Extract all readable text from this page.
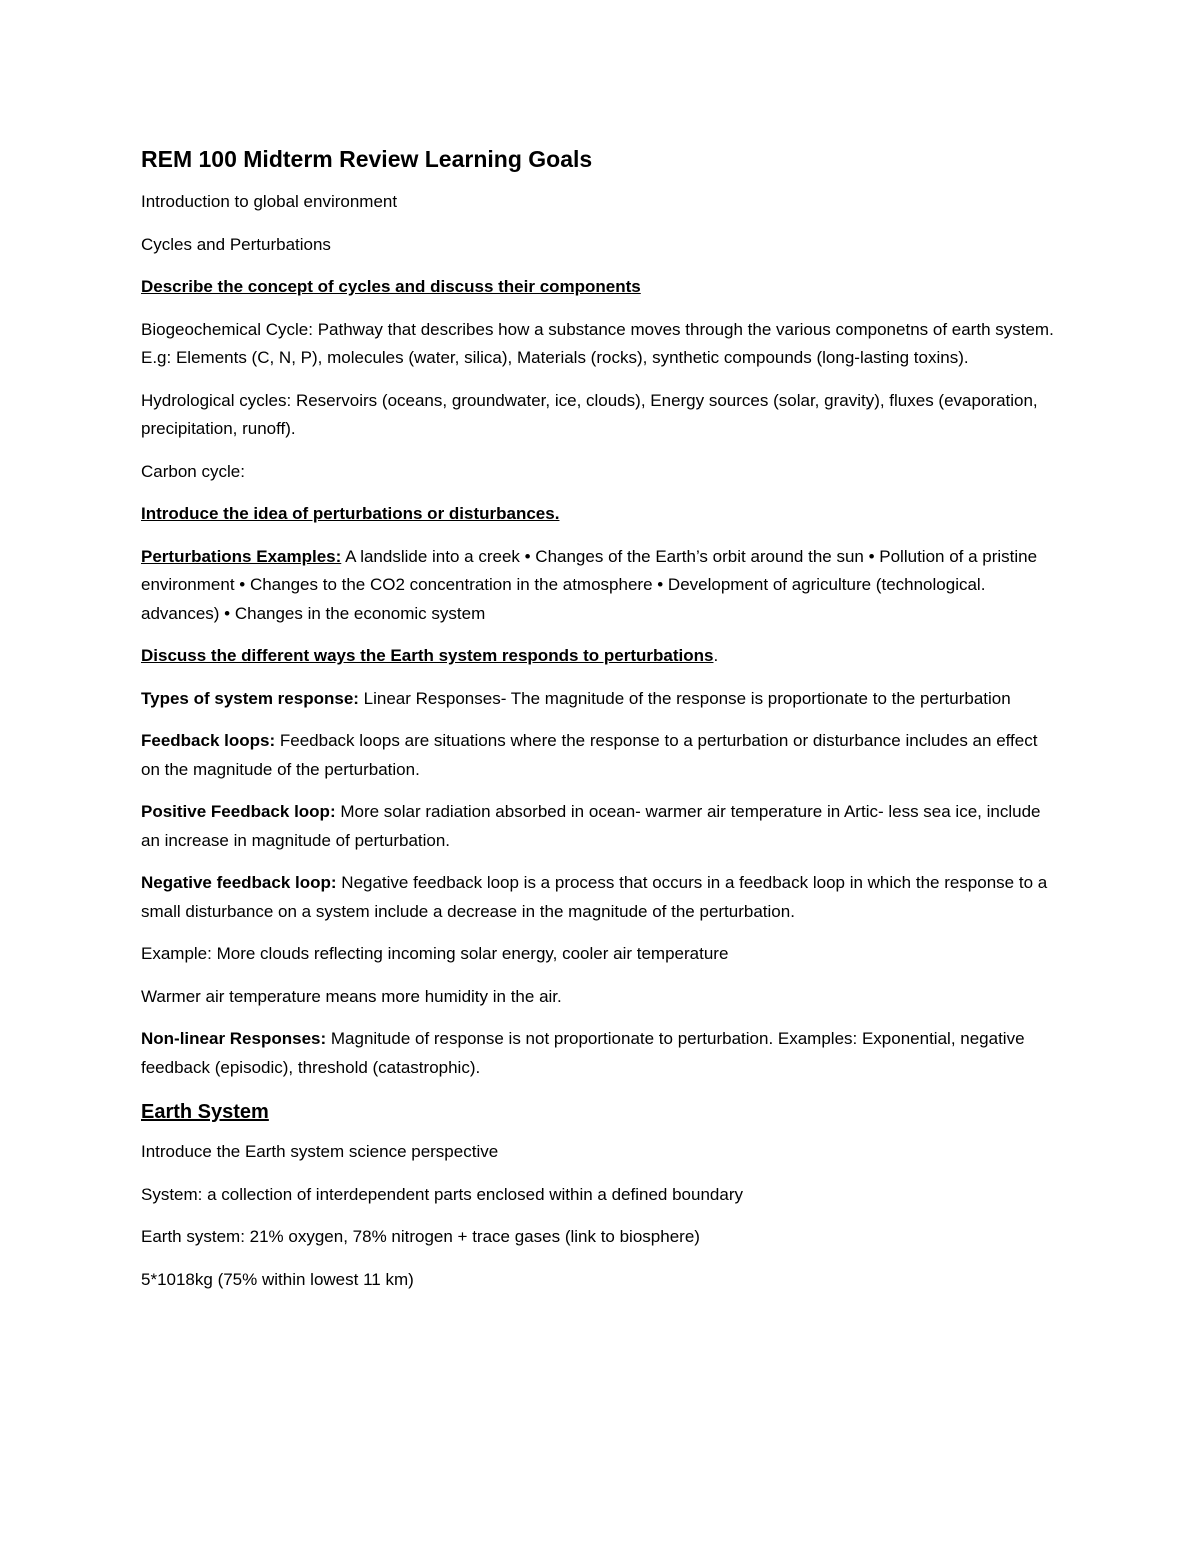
REM 100 Midterm Review Learning Goals

Introduction to global environment

Cycles and Perturbations

Describe the concept of cycles and discuss their components

Biogeochemical Cycle: Pathway that describes how a substance moves through the various componetns of earth system. E.g: Elements (C, N, P), molecules (water, silica), Materials (rocks), synthetic compounds (long-lasting toxins).

Hydrological cycles: Reservoirs (oceans, groundwater, ice, clouds), Energy sources (solar, gravity), fluxes (evaporation, precipitation, runoff).

Carbon cycle:

Introduce the idea of perturbations or disturbances.

Perturbations Examples: A landslide into a creek • Changes of the Earth’s orbit around the sun • Pollution of a pristine environment • Changes to the CO2 concentration in the atmosphere • Development of agriculture (technological. advances) • Changes in the economic system

Discuss the different ways the Earth system responds to perturbations.

Types of system response: Linear Responses- The magnitude of the response is proportionate to the perturbation

Feedback loops: Feedback loops are situations where the response to a perturbation or disturbance includes an effect on the magnitude of the perturbation.

Positive Feedback loop: More solar radiation absorbed in ocean- warmer air temperature in Artic- less sea ice, include an increase in magnitude of perturbation.

Negative feedback loop: Negative feedback loop is a process that occurs in a feedback loop in which the response to a small disturbance on a system include a decrease in the magnitude of the perturbation.

Example: More clouds reflecting incoming solar energy, cooler air temperature

Warmer air temperature means more humidity in the air.

Non-linear Responses: Magnitude of response is not proportionate to perturbation. Examples: Exponential, negative feedback (episodic), threshold (catastrophic).

Earth System

Introduce the Earth system science perspective

System: a collection of interdependent parts enclosed within a defined boundary

Earth system: 21% oxygen, 78% nitrogen + trace gases (link to biosphere)

5*1018kg (75% within lowest 11 km)
